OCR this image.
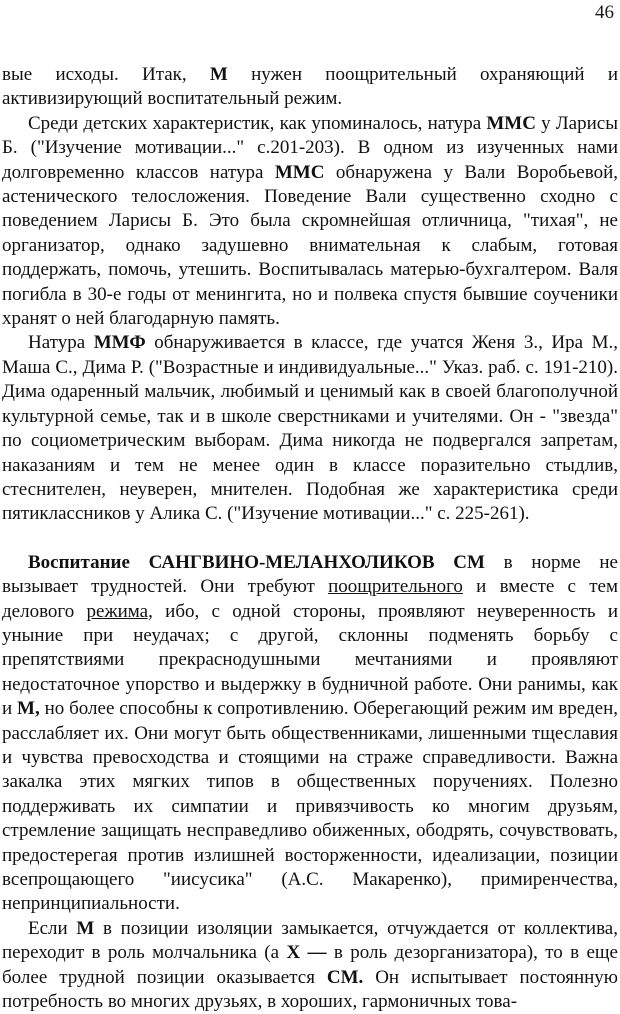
46

вые исходы. Итак, М нужен поощрительный охраняющий и активизирующий воспитательный режим.

Среди детских характеристик, как упоминалось, натура ММС у Ларисы Б. ("Изучение мотивации..." с.201-203). В одном из изученных нами долговременно классов натура ММС обнаружена у Вали Воробьевой, астенического телосложения. Поведение Вали существенно сходно с поведением Ларисы Б. Это была скромнейшая отличница, "тихая", не организатор, однако задушевно внимательная к слабым, готовая поддержать, помочь, утешить. Воспитывалась матерью-бухгалтером. Валя погибла в 30-е годы от менингита, но и полвека спустя бывшие соученики хранят о ней благодарную память.

Натура ММФ обнаруживается в классе, где учатся Женя 3., Ира М., Маша С., Дима Р. ("Возрастные и индивидуальные..." Указ. раб. с. 191-210). Дима одаренный мальчик, любимый и ценимый как в своей благополучной культурной семье, так и в школе сверстниками и учителями. Он - "звезда" по социометрическим выборам. Дима никогда не подвергался запретам, наказаниям и тем не менее один в классе поразительно стыдлив, стеснителен, неуверен, мнителен. Подобная же характеристика среди пятиклассников у Алика С. ("Изучение мотивации..." с. 225-261).

Воспитание САНГВИНО-МЕЛАНХОЛИКОВ СМ в норме не вызывает трудностей. Они требуют поощрительного и вместе с тем делового режима, ибо, с одной стороны, проявляют неуверенность и уныние при неудачах; с другой, склонны подменять борьбу с препятствиями прекраснодушными мечтаниями и проявляют недостаточное упорство и выдержку в будничной работе. Они ранимы, как и М, но более способны к сопротивлению. Оберегающий режим им вреден, расслабляет их. Они могут быть общественниками, лишенными тщеславия и чувства превосходства и стоящими на страже справедливости. Важна закалка этих мягких типов в общественных поручениях. Полезно поддерживать их симпатии и привязчивость ко многим друзьям, стремление защищать несправедливо обиженных, ободрять, сочувствовать, предостерегая против излишней восторженности, идеализации, позиции всепрощающего "иисусика" (А.С. Макаренко), примиренчества, непринципиальности.

Если М в позиции изоляции замыкается, отчуждается от коллектива, переходит в роль молчальника (а X — в роль дезорганизатора), то в еще более трудной позиции оказывается СМ. Он испытывает постоянную потребность во многих друзьях, в хороших, гармоничных това-
